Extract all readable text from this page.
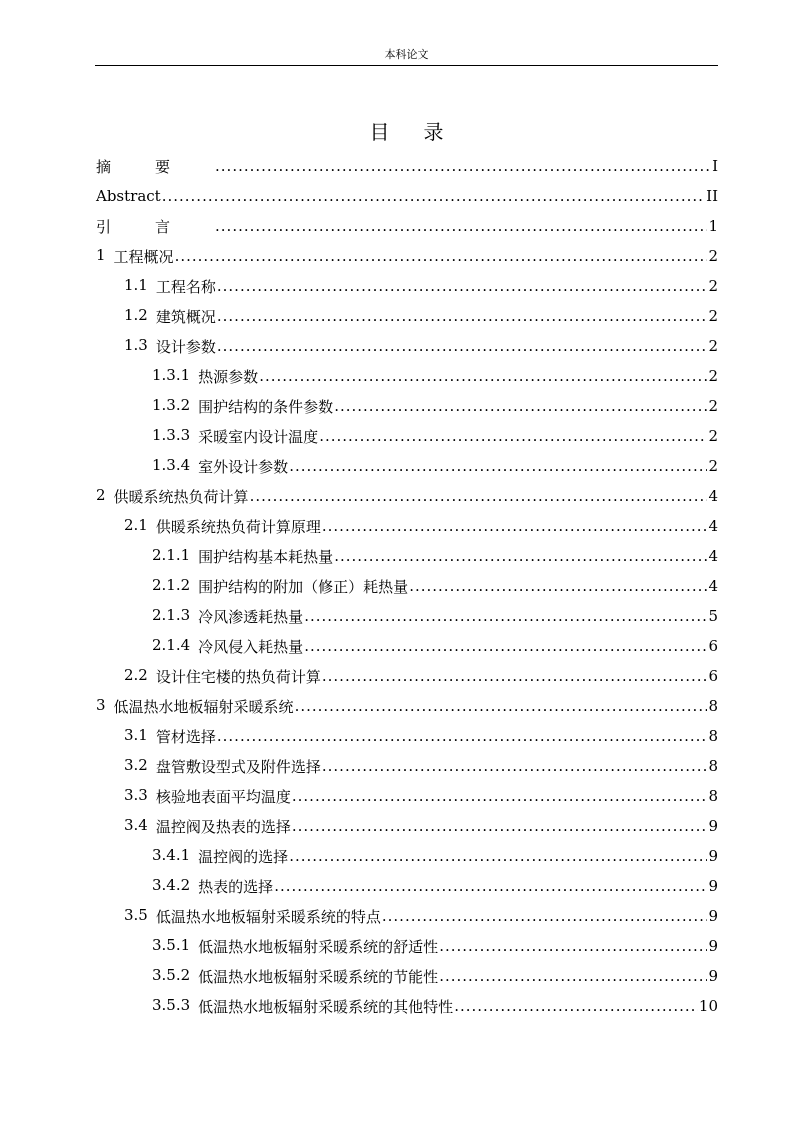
本科论文
目录
摘要 .....	I
Abstract .....	II
引言 .....	1
1 工程概况 .....	2
1.1 工程名称 .....	2
1.2 建筑概况 .....	2
1.3 设计参数 .....	2
1.3.1 热源参数 .....	2
1.3.2 围护结构的条件参数 .....	2
1.3.3 采暖室内设计温度 .....	2
1.3.4 室外设计参数 .....	2
2 供暖系统热负荷计算 .....	4
2.1 供暖系统热负荷计算原理 .....	4
2.1.1 围护结构基本耗热量 .....	4
2.1.2 围护结构的附加（修正）耗热量 .....	4
2.1.3 冷风渗透耗热量 .....	5
2.1.4 冷风侵入耗热量 .....	6
2.2 设计住宅楼的热负荷计算 .....	6
3 低温热水地板辐射采暖系统 .....	8
3.1 管材选择 .....	8
3.2 盘管敷设型式及附件选择 .....	8
3.3 核验地表面平均温度 .....	8
3.4 温控阀及热表的选择 .....	9
3.4.1 温控阀的选择 .....	9
3.4.2 热表的选择 .....	9
3.5 低温热水地板辐射采暖系统的特点 .....	9
3.5.1 低温热水地板辐射采暖系统的舒适性 .....	9
3.5.2 低温热水地板辐射采暖系统的节能性 .....	9
3.5.3 低温热水地板辐射采暖系统的其他特性 .....	10
